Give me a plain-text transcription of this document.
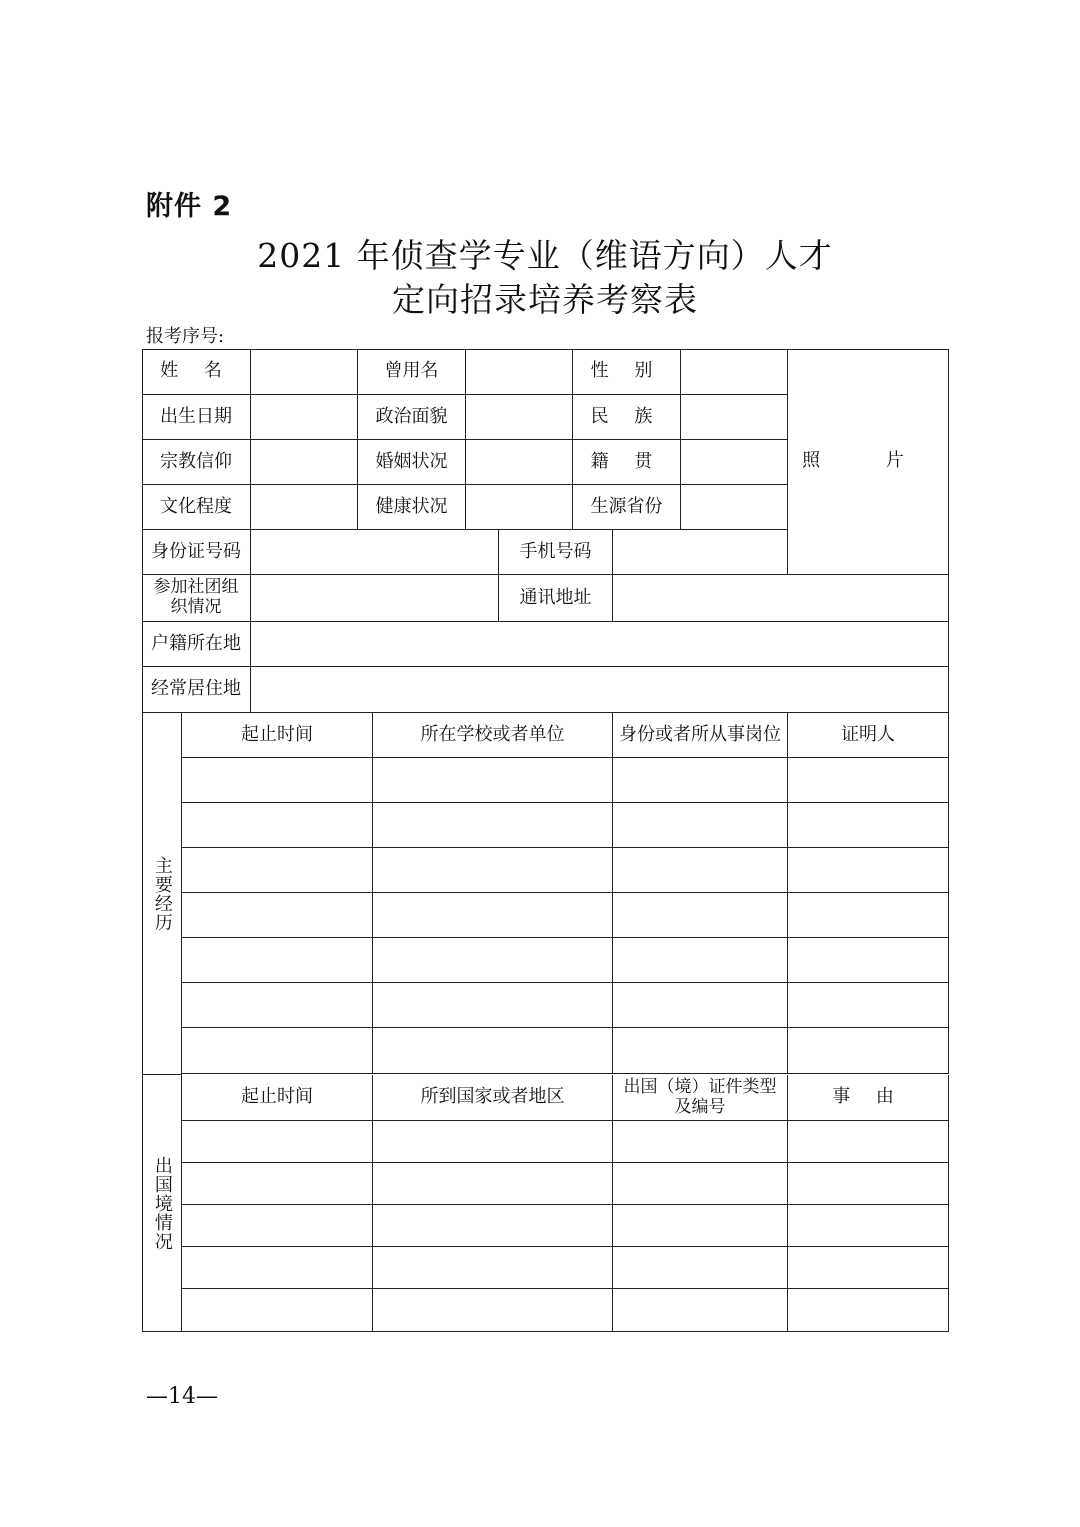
附件 2
2021 年侦查学专业（维语方向）人才
定向招录培养考察表
报考序号:
姓 名	曾用名	性 别
照 片
出生日期	政治面貌	民 族
宗教信仰	婚姻状况	籍 贯
文化程度	健康状况	生源省份
身份证号码	手机号码
参加社团组织情况	通讯地址
户籍所在地
经常居住地
主要经历
起止时间	所在学校或者单位	身份或者所从事岗位	证明人
出国境情况
起止时间	所到国家或者地区	出国（境）证件类型及编号	事 由
—14—
